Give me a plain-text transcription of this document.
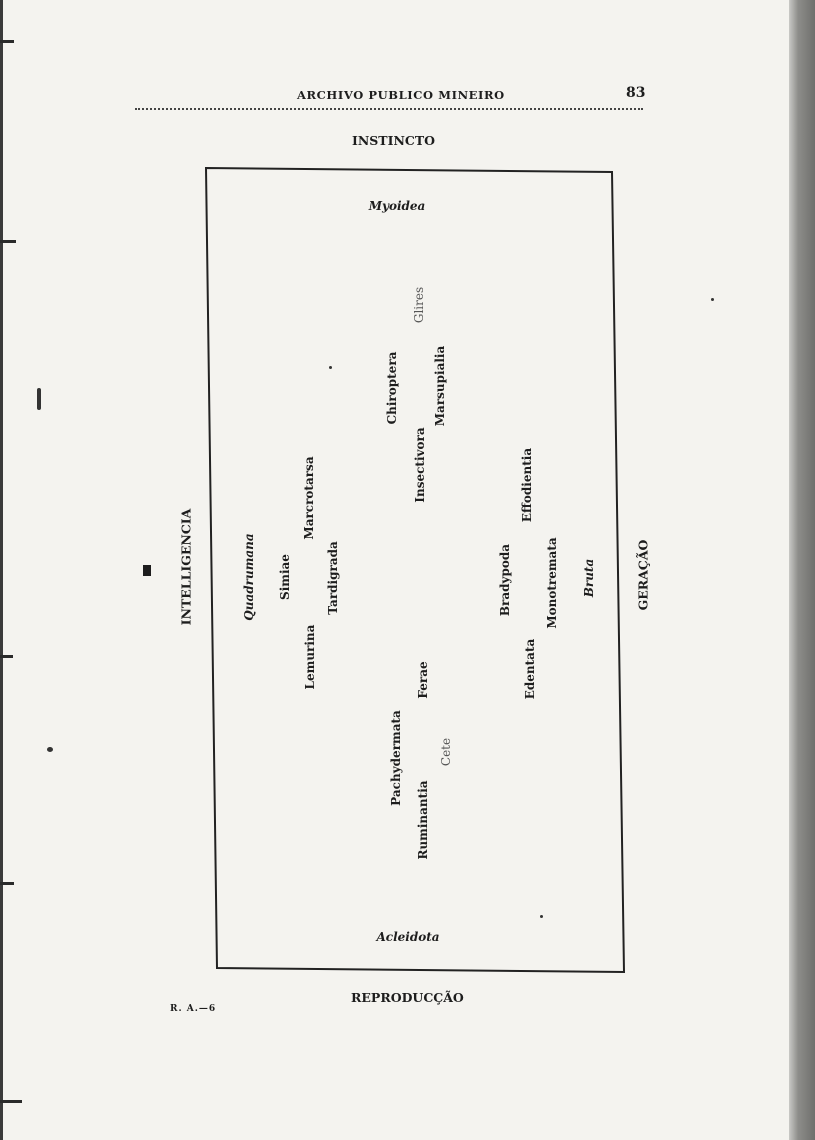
ARCHIVO PUBLICO MINEIRO	83
INSTINCTO
REPRODUCÇÃO
INTELLIGENCIA	GERAÇÃO
Myoidea
Glires
Chiroptera	Marsupialia
Insectivora	Effodientia
Marcrotarsa
Quadrumana Simiae	Tardigrada	Bradypoda	Monotremata Bruta
Lemurina	Ferae	Edentata
Pachydermata	Cete
Ruminantia
Acleidota
R. A.—6
